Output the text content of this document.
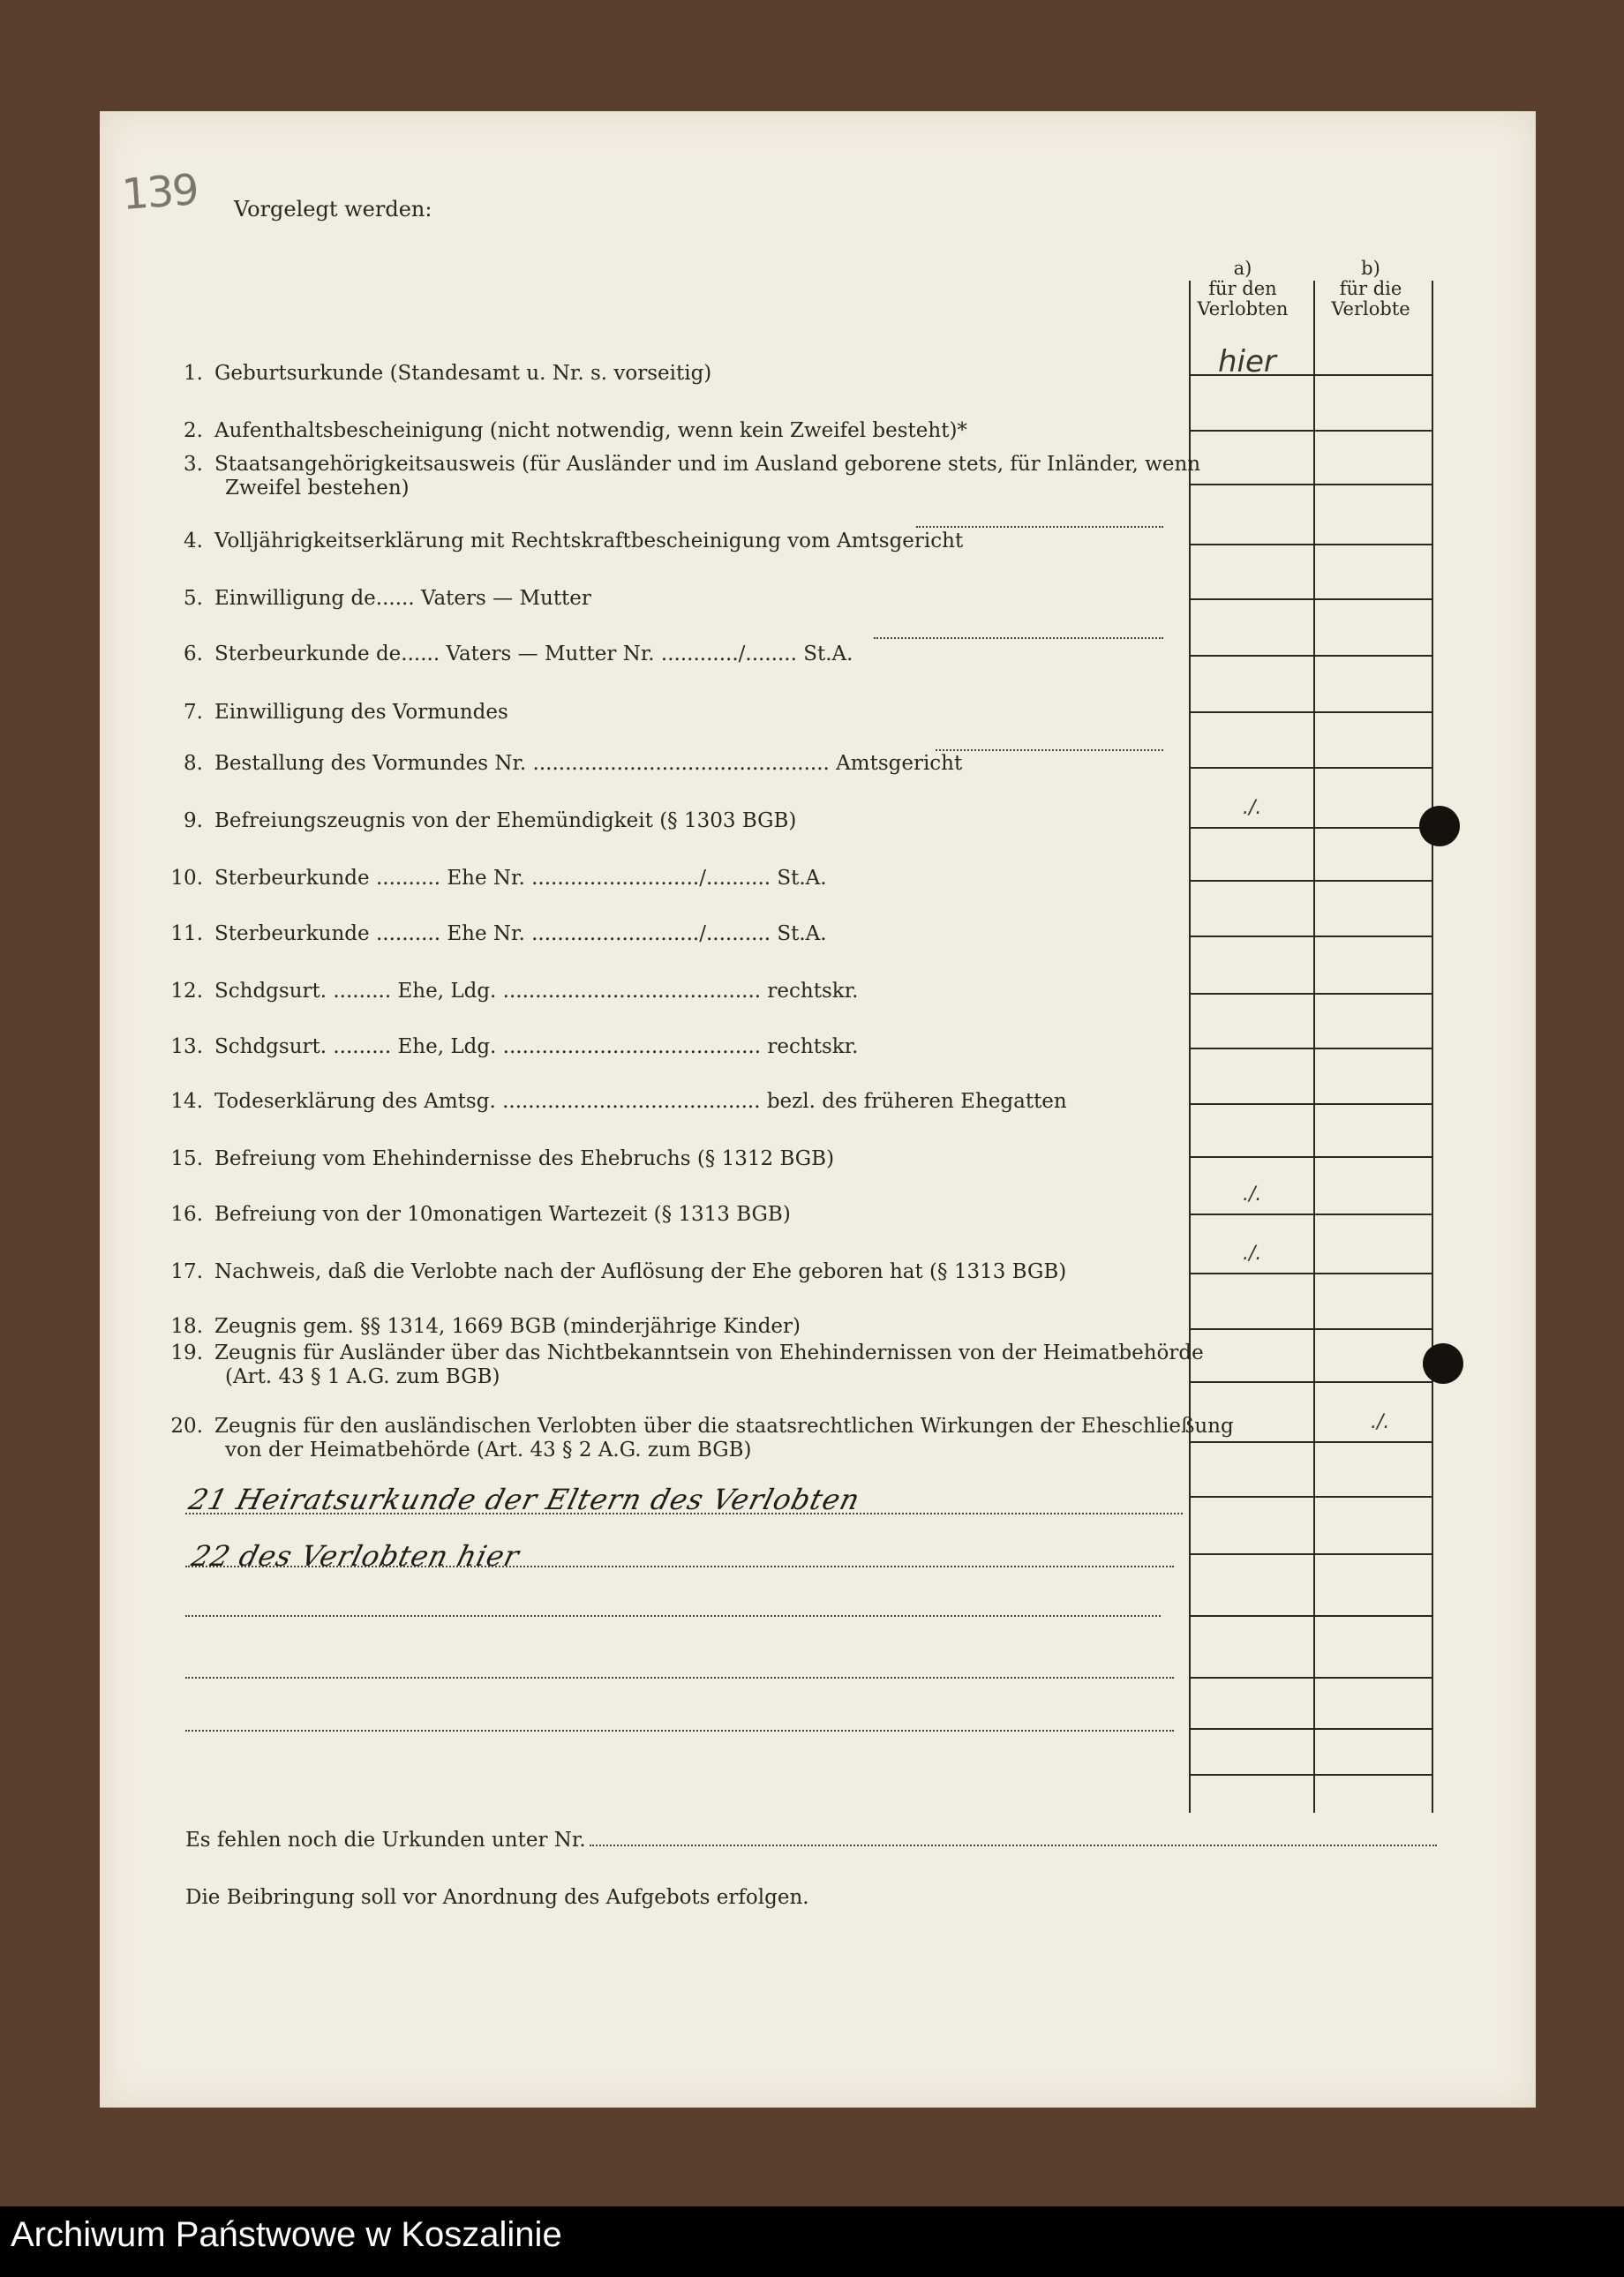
139 Vorgelegt werden:
a)
für den
Verlobten
b)
für die
Verlobte
1. Geburtsurkunde (Standesamt u. Nr. s. vorseitig)	hier
2. Aufenthaltsbescheinigung (nicht notwendig, wenn kein Zweifel besteht)*
3. Staatsangehörigkeitsausweis (für Ausländer und im Ausland geborene stets, für Inländer, wenn
Zweifel bestehen)
4. Volljährigkeitserklärung mit Rechtskraftbescheinigung vom Amtsgericht
5. Einwilligung de...... Vaters — Mutter
6. Sterbeurkunde de...... Vaters — Mutter Nr. ............/........ St.A.
7. Einwilligung des Vormundes
8. Bestallung des Vormundes Nr. .............................................. Amtsgericht
9. Befreiungszeugnis von der Ehemündigkeit (§ 1303 BGB)
./.
10. Sterbeurkunde .......... Ehe Nr. ........................../.......... St.A.
11. Sterbeurkunde .......... Ehe Nr. ........................../.......... St.A.
12. Schdgsurt. ......... Ehe, Ldg. ........................................ rechtskr.
13. Schdgsurt. ......... Ehe, Ldg. ........................................ rechtskr.
14. Todeserklärung des Amtsg. ........................................ bezl. des früheren Ehegatten
15. Befreiung vom Ehehindernisse des Ehebruchs (§ 1312 BGB)
16. Befreiung von der 10monatigen Wartezeit (§ 1313 BGB)
./.
17. Nachweis, daß die Verlobte nach der Auflösung der Ehe geboren hat (§ 1313 BGB)
./.
18. Zeugnis gem. §§ 1314, 1669 BGB (minderjährige Kinder)
19. Zeugnis für Ausländer über das Nichtbekanntsein von Ehehindernissen von der Heimatbehörde
(Art. 43 § 1 A.G. zum BGB)
20. Zeugnis für den ausländischen Verlobten über die staatsrechtlichen Wirkungen der Eheschließung
von der Heimatbehörde (Art. 43 § 2 A.G. zum BGB)
./.
21 Heiratsurkunde der Eltern des Verlobten
22 des Verlobten hier
Es fehlen noch die Urkunden unter Nr.
Die Beibringung soll vor Anordnung des Aufgebots erfolgen.
Archiwum Państwowe w Koszalinie
